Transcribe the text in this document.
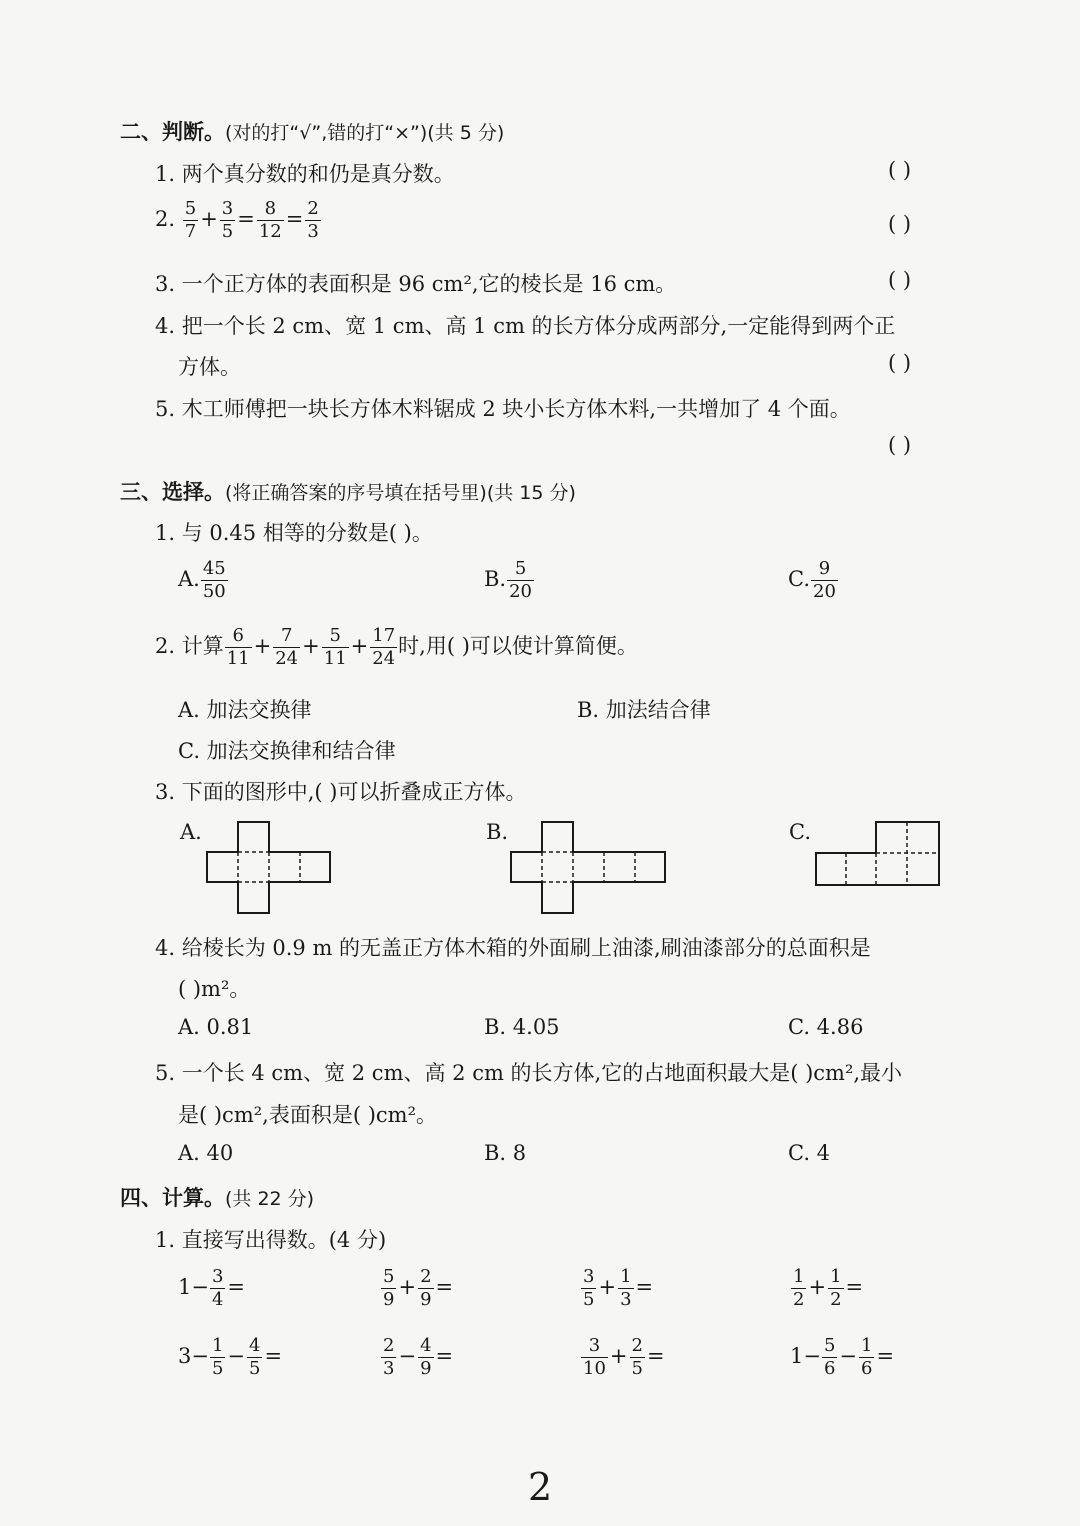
二、判断。(对的打“√”,错的打“×”)(共 5 分)
1. 两个真分数的和仍是真分数。	( )
2. $\frac{5}{7} + \frac{3}{5} = \frac{8}{12} = \frac{2}{3}$	( )
3. 一个正方体的表面积是 96 cm²,它的棱长是 16 cm。	( )
4. 把一个长 2 cm、宽 1 cm、高 1 cm 的长方体分成两部分,一定能得到两个正
方体。	( )
5. 木工师傅把一块长方体木料锯成 2 块小长方体木料,一共增加了 4 个面。
( )
三、选择。(将正确答案的序号填在括号里)(共 15 分)
1. 与 0.45 相等的分数是( )。
A. $\frac{45}{50}$	B. $\frac{5}{20}$	C. $\frac{9}{20}$
2. 计算 $\frac{6}{11} + \frac{7}{24} + \frac{5}{11} + \frac{17}{24}$ 时,用( )可以使计算简便。
A. 加法交换律	B. 加法结合律
C. 加法交换律和结合律
3. 下面的图形中,( )可以折叠成正方体。
A.	B.	C.
4. 给棱长为 0.9 m 的无盖正方体木箱的外面刷上油漆,刷油漆部分的总面积是
( )m²。
A. 0.81	B. 4.05	C. 4.86
5. 一个长 4 cm、宽 2 cm、高 2 cm 的长方体,它的占地面积最大是( )cm²,最小
是( )cm²,表面积是( )cm²。
A. 40	B. 8	C. 4
四、计算。(共 22 分)
1. 直接写出得数。(4 分)
$1- \frac{3}{4}$ =	$\frac{5}{9} + \frac{2}{9}$ =	$\frac{3}{5} + \frac{1}{3}$ =	$\frac{1}{2} + \frac{1}{2}$ =
$3- \frac{1}{5} - \frac{4}{5}$ =	$\frac{2}{3} - \frac{4}{9}$ =	$\frac{3}{10} + \frac{2}{5}$ =	$1- \frac{5}{6} - \frac{1}{6}$ =
2
